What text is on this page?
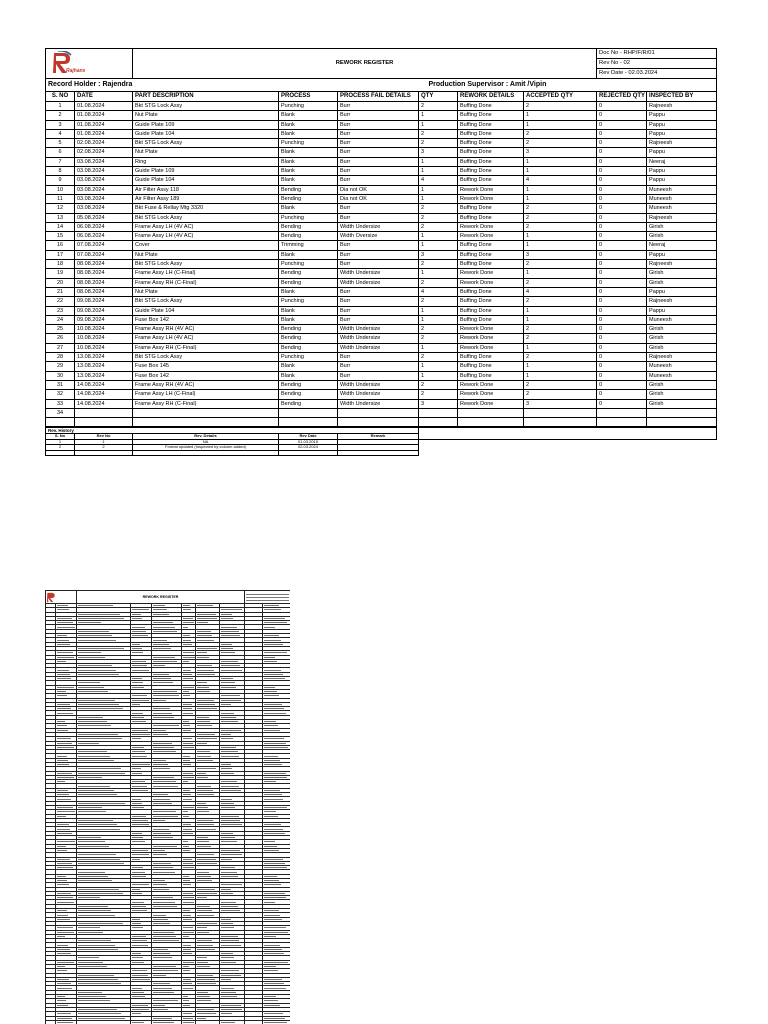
Rajhans		REWORK REGISTER						Doc No - RHP/F/R/01	
								Rev No - 02	
								Rev Date - 02.03.2024	
Record Holder : Rajendra					Production Supervisor : Amit /Vipin				
S. NO	DATE	PART DESCRIPTION	PROCESS	PROCESS FAIL DETAILS	QTY	REWORK DETAILS	ACCEPTED QTY	REJECTED QTY	INSPECTED BY
1	01.08.2024	Bkt STG Lock Assy	Punching	Burr	2	Buffing Done	2	0	Rajneesh
2	01.08.2024	Nut Plate	Blank	Burr	1	Buffing Done	1	0	Pappu
3	01.08.2024	Guide Plate 109	Blank	Burr	1	Buffing Done	1	0	Pappu
4	01.08.2024	Guide Plate 104	Blank	Burr	2	Buffing Done	2	0	Pappu
5	02.08.2024	Bkt STG Lock Assy	Punching	Burr	2	Buffing Done	2	0	Rajneesh
6	02.08.2024	Nut Plate	Blank	Burr	3	Buffing Done	3	0	Pappu
7	03.08.2024	Ring	Blank	Burr	1	Buffing Done	1	0	Neeraj
8	03.08.2024	Guide Plate 109	Blank	Burr	1	Buffing Done	1	0	Pappu
9	03.08.2024	Guide Plate 104	Blank	Burr	4	Buffing Done	4	0	Pappu
10	03.08.2024	Air Filter Assy 118	Bending	Dia not OK	1	Rework Done	1	0	Muneesh
11	03.08.2024	Air Filter Assy 189	Bending	Dia not OK	1	Rework Done	1	0	Muneesh
12	03.08.2024	Bkt Fuse & Rellay Mtg 3320	Blank	Burr	2	Buffing Done	2	0	Muneesh
13	05.08.2024	Bkt STG Lock Assy	Punching	Burr	2	Buffing Done	2	0	Rajneesh
14	06.08.2024	Frame Assy LH (4V AC)	Bending	Width Undersize	2	Rework Done	2	0	Girish
15	06.08.2024	Frame Assy LH (4V AC)	Bending	Width Oversize	1	Rework Done	1	0	Girish
16	07.08.2024	Cover	Trimming	Burr	1	Buffing Done	1	0	Neeraj
17	07.08.2024	Nut Plate	Blank	Burr	3	Buffing Done	3	0	Pappu
18	08.08.2024	Bkt STG Lock Assy	Punching	Burr	2	Buffing Done	2	0	Rajneesh
19	08.08.2024	Frame Assy LH (C-Final)	Bending	Width Undersize	1	Rework Done	1	0	Girish
20	08.08.2024	Frame Assy RH (C-Final)	Bending	Width Undersize	2	Rework Done	2	0	Girish
21	08.08.2024	Nut Plate	Blank	Burr	4	Buffing Done	4	0	Pappu
22	09.08.2024	Bkt STG Lock Assy	Punching	Burr	2	Buffing Done	2	0	Rajneesh
23	09.08.2024	Guide Plate 104	Blank	Burr	1	Buffing Done	1	0	Pappu
24	09.08.2024	Fuse Box 142	Blank	Burr	1	Buffing Done	1	0	Muneesh
25	10.08.2024	Frame Assy RH (4V AC)	Bending	Width Undersize	2	Rework Done	2	0	Girish
26	10.08.2024	Frame Assy LH (4V AC)	Bending	Width Undersize	2	Rework Done	2	0	Girish
27	10.08.2024	Frame Assy RH (C-Final)	Bending	Width Undersize	1	Rework Done	1	0	Girish
28	13.08.2024	Bkt STG Lock Assy	Punching	Burr	2	Buffing Done	2	0	Rajneesh
29	13.08.2024	Fuse Box 145	Blank	Burr	1	Buffing Done	1	0	Muneesh
30	13.08.2024	Fuse Box 142	Blank	Burr	1	Buffing Done	1	0	Muneesh
31	14.08.2024	Frame Assy RH (4V AC)	Bending	Width Undersize	2	Rework Done	2	0	Girish
32	14.08.2024	Frame Assy LH (C-Final)	Bending	Width Undersize	2	Rework Done	2	0	Girish
33	14.08.2024	Frame Assy RH (C-Final)	Bending	Width Undersize	3	Rework Done	3	0	Girish
34									

Rev. History					
S. No	Rev No	Rev. Details	Rev Date	Remark	
1	1	NA	01.03.2015		
2	2	Format updated (Inspected by column added)	02.03.2024		

	REWORK REGISTER							
